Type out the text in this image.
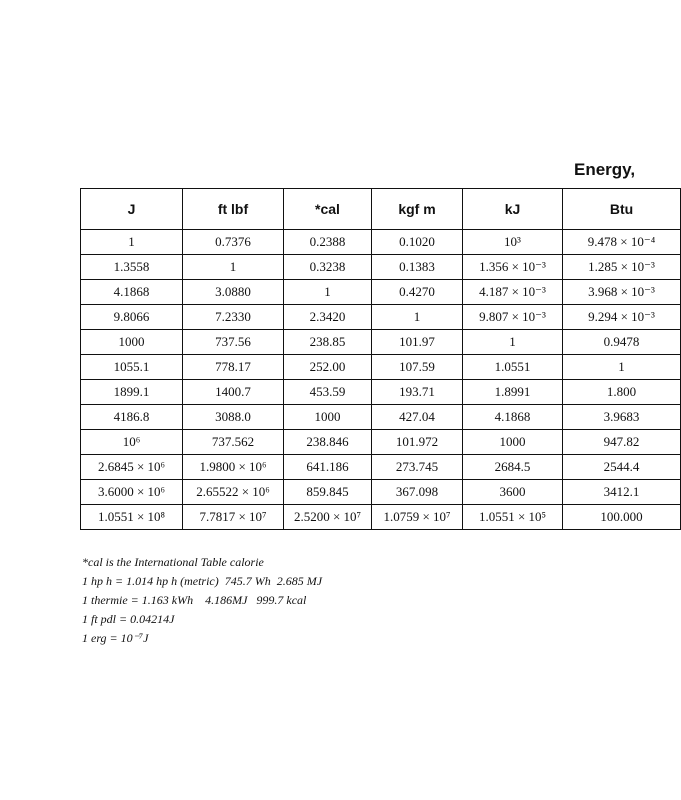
Energy,
J	ft lbf	*cal	kgf m	kJ	Btu
1	0.7376	0.2388	0.1020	10³	9.478 × 10⁻⁴
1.3558	1	0.3238	0.1383	1.356 × 10⁻³	1.285 × 10⁻³
4.1868	3.0880	1	0.4270	4.187 × 10⁻³	3.968 × 10⁻³
9.8066	7.2330	2.3420	1	9.807 × 10⁻³	9.294 × 10⁻³
1000	737.56	238.85	101.97	1	0.9478
1055.1	778.17	252.00	107.59	1.0551	1
1899.1	1400.7	453.59	193.71	1.8991	1.800
4186.8	3088.0	1000	427.04	4.1868	3.9683
10⁶	737.562	238.846	101.972	1000	947.82
2.6845 × 10⁶	1.9800 × 10⁶	641.186	273.745	2684.5	2544.4
3.6000 × 10⁶	2.65522 × 10⁶	859.845	367.098	3600	3412.1
1.0551 × 10⁸	7.7817 × 10⁷	2.5200 × 10⁷	1.0759 × 10⁷	1.0551 × 10⁵	100.000
*cal is the International Table calorie
1 hp h = 1.014 hp h (metric)  745.7 Wh  2.685 MJ
1 thermie = 1.163 kWh    4.186MJ   999.7 kcal
1 ft pdl = 0.04214J
1 erg = 10⁻⁷J
